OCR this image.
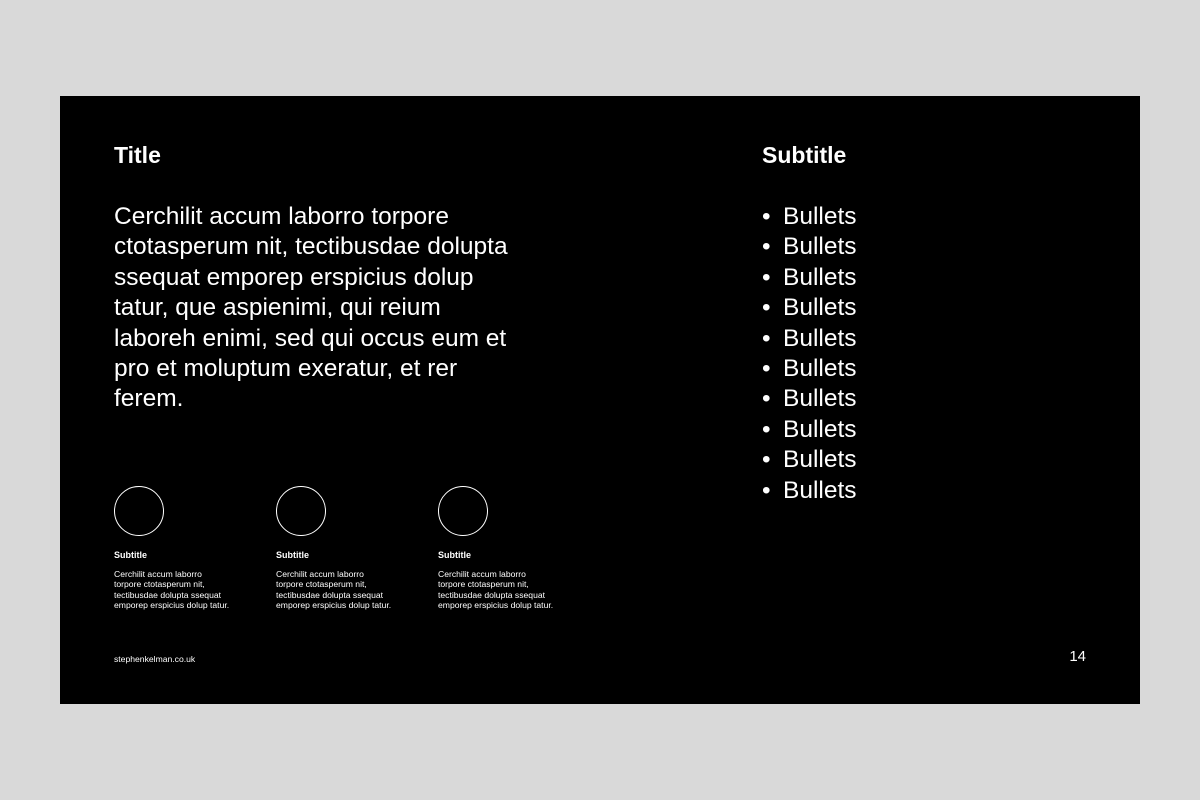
Title
Cerchilit accum laborro torpore
ctotasperum nit, tectibusdae dolupta
ssequat emporep erspicius dolup
tatur, que aspienimi, qui reium
laboreh enimi, sed qui occus eum et
pro et moluptum exeratur, et rer
ferem.
Subtitle
• Bullets
• Bullets
• Bullets
• Bullets
• Bullets
• Bullets
• Bullets
• Bullets
• Bullets
• Bullets
Subtitle
Cerchilit accum laborro
torpore ctotasperum nit,
tectibusdae dolupta ssequat
emporep erspicius dolup tatur.
Subtitle
Cerchilit accum laborro
torpore ctotasperum nit,
tectibusdae dolupta ssequat
emporep erspicius dolup tatur.
Subtitle
Cerchilit accum laborro
torpore ctotasperum nit,
tectibusdae dolupta ssequat
emporep erspicius dolup tatur.
stephenkelman.co.uk	14
